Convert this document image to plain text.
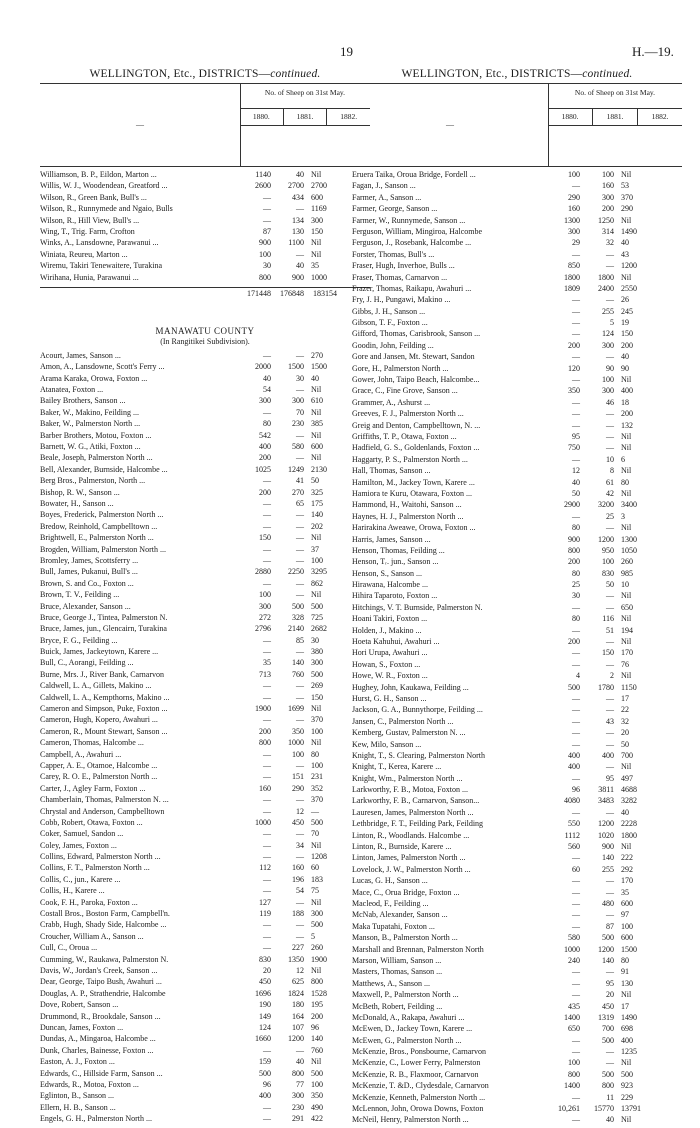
19	H.—19.
WELLINGTON, Etc., DISTRICTS—continued.
—
No. of Sheep on 31st May.
1880.	1881.	1882.
Williamson, B. P., Eildon, Marton ...	1140	40 Nil
Willis, W. J., Woodendean, Greatford ...	2600	2700 2700
Wilson, R., Green Bank, Bull's ...	—	434 600
Wilson, R., Runnymede and Ngaio, Bulls	—	— 1169
Wilson, R., Hill View, Bull's ...	—	134 300
Wing, T., Trig. Farm, Crofton	87	130 150
Winks, A., Lansdowne, Parawanui ...	900	1100 Nil
Winiata, Reureu, Marton ...	100	— Nil
Wiremu, Takiri Tenewaitere, Turakina	30	40 35
Wirihana, Hunia, Parawanui ...	800	900 1000
171448	176848	183154
MANAWATU COUNTY
(In Rangitikei Subdivision).
Acourt, James, Sanson ...	—	— 270
Amon, A., Lansdowne, Scott's Ferry ...	2000	1500 1500
Arama Karaka, Orowa, Foxton ...	40	30 40
Atanatea, Foxton ...	54	— Nil
Bailey Brothers, Sanson ...	300	300 610
Baker, W., Makino, Feilding ...	—	70 Nil
Baker, W., Palmerston North ...	80	230 385
Barber Brothers, Motou, Foxton ...	542	— Nil
Barnett, W. G., Atiki, Foxton ...	400	580 600
Beale, Joseph, Palmerston North ...	200	— Nil
Bell, Alexander, Burnside, Halcombe ...	1025	1249 2130
Berg Bros., Palmerston, North ...	—	41 50
Bishop, R. W., Sanson ...	200	270 325
Bowater, H., Sanson ...	—	65 175
Boyes, Frederick, Palmerston North ...	—	— 140
Bredow, Reinhold, Campbelltown ...	—	— 202
Brightwell, E., Palmerston North ...	150	— Nil
Brogden, William, Palmerston North ...	—	— 37
Bromley, James, Scottsferry ...	—	— 100
Bull, James, Pukanui, Bull's ...	2880	2250 3295
Brown, S. and Co., Foxton ...	—	— 862
Brown, T. V., Feilding ...	100	— Nil
Bruce, Alexander, Sanson ...	300	500 500
Bruce, George J., Tintea, Palmerston N.	272	328 725
Bruce, James, jun., Glencairn, Turakina	2796	2140 2682
Bryce, F. G., Feilding ...	—	85 30
Buick, James, Jackeytown, Karere ...	—	— 380
Bull, C., Aorangi, Feilding ...	35	140 300
Burne, Mrs. J., River Bank, Carnarvon	713	760 500
Caldwell, L. A., Gillets, Makino ...	—	— 269
Caldwell, L. A., Kempthorns, Makino ...	—	— 150
Cameron and Simpson, Puke, Foxton ...	1900	1699 Nil
Cameron, Hugh, Kopero, Awahuri ...	—	— 370
Cameron, R., Mount Stewart, Sanson ...	200	350 100
Cameron, Thomas, Halcombe ...	800	1000 Nil
Campbell, A., Awahuri ...	—	100 80
Capper, A. E., Otamoe, Halcombe ...	—	— 100
Carey, R. O. E., Palmerston North ...	—	151 231
Carter, J., Agley Farm, Foxton ...	160	290 352
Chamberlain, Thomas, Palmerston N. ...	—	— 370
Chrystal and Anderson, Campbelltown	—	12 —
Cobb, Robert, Otawa, Foxton ...	1000	450 500
Coker, Samuel, Sandon ...	—	— 70
Coley, James, Foxton ...	—	34 Nil
Collins, Edward, Palmerston North ...	—	— 1208
Collins, F. T., Palmerston North ...	112	160 60
Collis, C., jun., Karere ...	—	196 183
Collis, H., Karere ...	—	54 75
Cook, F. H., Paroka, Foxton ...	127	— Nil
Costall Bros., Boston Farm, Campbell'n.	119	188 300
Crabb, Hugh, Shady Side, Halcombe ...	—	— 500
Croucher, William A., Sanson ...	—	— 5
Cull, C., Oroua ...	—	227 260
Cumming, W., Raukawa, Palmerston N.	830	1350 1900
Davis, W., Jordan's Creek, Sanson ...	20	12 Nil
Dear, George, Taipo Bush, Awahuri ...	450	625 800
Douglas, A. P., Strathendrie, Halcombe	1696	1824 1528
Dove, Robert, Sanson ...	190	180 195
Drummond, R., Brookdale, Sanson ...	149	164 200
Duncan, James, Foxton ...	124	107 96
Dundas, A., Mingaroa, Halcombe ...	1660	1200 140
Dunk, Charles, Bainesse, Foxton ...	—	— 760
Easton, A. J., Foxton ...	159	40 Nil
Edwards, C., Hillside Farm, Sanson ...	500	800 500
Edwards, R., Motoa, Foxton ...	96	77 100
Eglinton, B., Sanson ...	400	300 350
Ellern, H. B., Sanson ...	—	230 490
Engels, G. H., Palmerston North ...	—	291 422
WELLINGTON, Etc., DISTRICTS—continued.
—
No. of Sheep on 31st May.
1880.	1881.	1882.
Eruera Taika, Oroua Bridge, Fordell ...	100	100 Nil
Fagan, J., Sanson ...	—	160 53
Farmer, A., Sanson ...	290	300 370
Farmer, George, Sanson ...	160	200 290
Farmer, W., Runnymede, Sanson ...	1300	1250 Nil
Ferguson, William, Mingiroa, Halcombe	300	314 1490
Ferguson, J., Rosebank, Halcombe ...	29	32 40
Forster, Thomas, Bull's ...	—	— 43
Fraser, Hugh, Inverhoe, Bulls ...	850	— 1200
Fraser, Thomas, Carnarvon ...	1800	1800 Nil
Frazer, Thomas, Raikapu, Awahuri ...	1809	2400 2550
Fry, J. H., Pungawi, Makino ...	—	— 26
Gibbs, J. H., Sanson ...	—	255 245
Gibson, T. F., Foxton ...	—	5 19
Gifford, Thomas, Carisbrook, Sanson ...	—	124 150
Goodin, John, Feilding ...	200	300 200
Gore and Jansen, Mt. Stewart, Sandon	—	— 40
Gore, H., Palmerston North ...	120	90 90
Gower, John, Taipo Beach, Halcombe...	—	100 Nil
Grace, C., Fine Grove, Sanson ...	350	300 400
Grammer, A., Ashurst ...	—	46 18
Greeves, F. J., Palmerston North ...	—	— 200
Greig and Denton, Campbelltown, N. ...	—	— 132
Griffiths, T. P., Otawa, Foxton ...	95	— Nil
Hadfield, G. S., Goldenlands, Foxton ...	750	— Nil
Haggarty, P. S., Palmerston North ...	—	10 6
Hall, Thomas, Sanson ...	12	8 Nil
Hamilton, M., Jackey Town, Karere ...	40	61 80
Hamiora te Kuru, Otawara, Foxton ...	50	42 Nil
Hammond, H., Waitohi, Sanson ...	2900	3200 3400
Haynes, H. J., Palmerston North ...	—	25 3
Harirakina Aweawe, Orowa, Foxton ...	80	— Nil
Harris, James, Sanson ...	900	1200 1300
Henson, Thomas, Feilding ...	800	950 1050
Henson, Tᵣ. jun., Sanson ...	200	100 260
Henson, S., Sanson ...	80	830 985
Hirawana, Halcombe ...	25	50 10
Hihira Taparoto, Foxton ...	30	— Nil
Hitchings, V. T. Burnside, Palmerston N.	—	— 650
Hoani Takiri, Foxton ...	80	116 Nil
Holden, J., Makino ...	—	51 194
Hoeta Kahuhui, Awahuri ...	200	— Nil
Hori Urupa, Awahuri ...	—	150 170
Howan, S., Foxton ...	—	— 76
Howe, W. R., Foxton ...	4	2 Nil
Hughey, John, Kaukawa, Feilding ...	500	1780 1150
Hurst, G. H., Sanson ...	—	— 17
Jackson, G. A., Bunnythorpe, Feilding ...	—	— 22
Jansen, C., Palmerston North ...	—	43 32
Kemberg, Gustav, Palmerston N. ...	—	— 20
Kew, Milo, Sanson ...	—	— 50
Knight, T., S. Clearing, Palmerston North	400	400 700
Knight, T., Kerea, Karere ...	400	— Nil
Knight, Wm., Palmerston North ...	—	95 497
Larkworthy, F. B., Motoa, Foxton ...	96	3811 4688
Larkworthy, F. B., Carnarvon, Sanson...	4080	3483 3282
Lauresen, James, Palmerston North ...	—	— 40
Lethbridge, F. T., Feilding Park, Feilding	550	1200 2228
Linton, R., Woodlands. Halcombe ...	1112	1020 1800
Linton, R., Burnside, Karere ...	560	900 Nil
Linton, James, Palmerston North ...	—	140 222
Lovelock, J. W., Palmerston North ...	60	255 292
Lucas, G. H., Sanson ...	—	— 170
Mace, C., Orua Bridge, Foxton ...	—	— 35
Macleod, F., Feilding ...	—	480 600
McNab, Alexander, Sanson ...	—	— 97
Maka Tupatahi, Foxton ...	—	87 100
Manson, B., Palmerston North ...	580	500 600
Marshall and Brennan, Palmerston North	1000	1200 1500
Marson, William, Sanson ...	240	140 80
Masters, Thomas, Sanson ...	—	— 91
Matthews, A., Sanson ...	—	95 130
Maxwell, P., Palmerston North ...	—	20 Nil
McBeth, Robert, Feilding ...	435	450 17
McDonald, A., Rakapa, Awahuri ...	1400	1319 1490
McEwen, D., Jackey Town, Karere ...	650	700 698
McEwen, G., Palmerston North ...	—	500 400
McKenzie, Bros., Ponsbourne, Carnarvon	—	— 1235
McKenzie, C., Lower Ferry, Palmerston	100	— Nil
McKenzie, R. B., Flaxmoor, Carnarvon	800	500 500
McKenzie, T. &D., Clydesdale, Carnarvon	1400	800 923
McKenzie, Kenneth, Palmerston North ...	—	11 229
McLennon, John, Orowa Downs, Foxton	10,261	15770 13791
McNeil, Henry, Palmerston North ...	—	40 Nil
